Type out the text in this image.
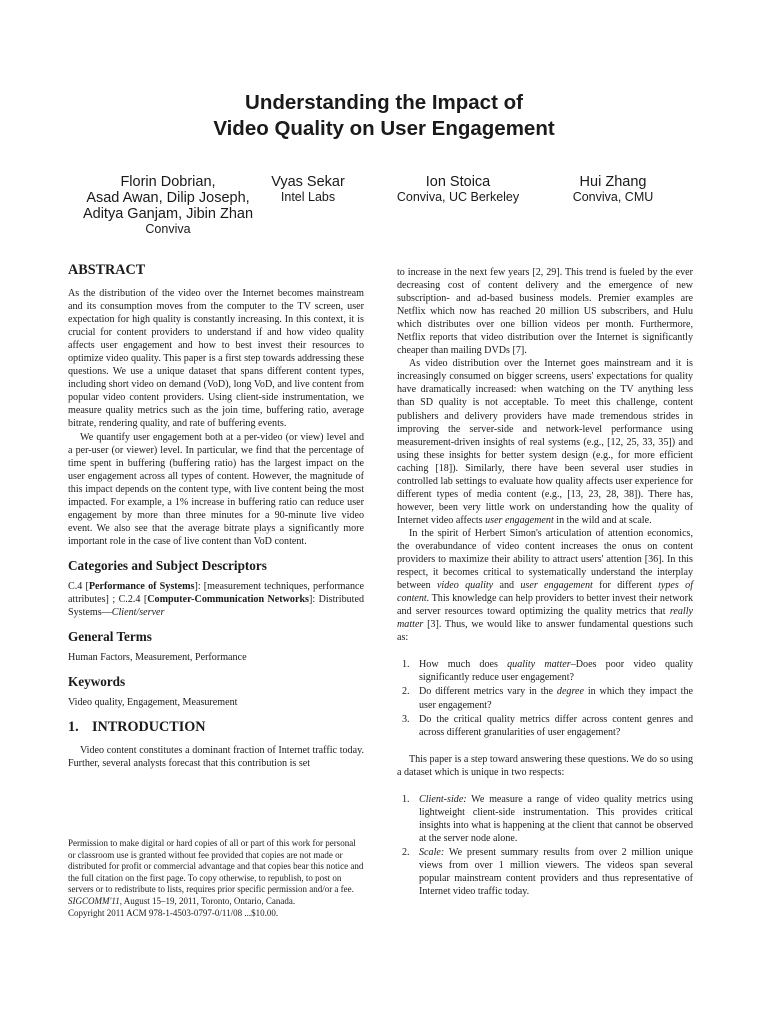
Understanding the Impact of
Video Quality on User Engagement
Florin Dobrian,
Asad Awan, Dilip Joseph,
Aditya Ganjam, Jibin Zhan
Conviva
Vyas Sekar
Intel Labs
Ion Stoica
Conviva, UC Berkeley
Hui Zhang
Conviva, CMU
ABSTRACT

As the distribution of the video over the Internet becomes mainstream and its consumption moves from the computer to the TV screen, user expectation for high quality is constantly increasing. In this context, it is crucial for content providers to understand if and how video quality affects user engagement and how to best invest their resources to optimize video quality. This paper is a first step towards addressing these questions. We use a unique dataset that spans different content types, including short video on demand (VoD), long VoD, and live content from popular video content providers. Using client-side instrumentation, we measure quality metrics such as the join time, buffering ratio, average bitrate, rendering quality, and rate of buffering events.

We quantify user engagement both at a per-video (or view) level and a per-user (or viewer) level. In particular, we find that the percentage of time spent in buffering (buffering ratio) has the largest impact on the user engagement across all types of content. However, the magnitude of this impact depends on the content type, with live content being the most impacted. For example, a 1% increase in buffering ratio can reduce user engagement by more than three minutes for a 90-minute live video event. We also see that the average bitrate plays a significantly more important role in the case of live content than VoD content.

Categories and Subject Descriptors

C.4 [Performance of Systems]: [measurement techniques, performance attributes] ; C.2.4 [Computer-Communication Networks]: Distributed Systems—Client/server

General Terms

Human Factors, Measurement, Performance

Keywords

Video quality, Engagement, Measurement

1. INTRODUCTION

Video content constitutes a dominant fraction of Internet traffic today. Further, several analysts forecast that this contribution is set

Permission to make digital or hard copies of all or part of this work for personal or classroom use is granted without fee provided that copies are not made or distributed for profit or commercial advantage and that copies bear this notice and the full citation on the first page. To copy otherwise, to republish, to post on servers or to redistribute to lists, requires prior specific permission and/or a fee.

SIGCOMM'11, August 15–19, 2011, Toronto, Ontario, Canada.

Copyright 2011 ACM 978-1-4503-0797-0/11/08 ...$10.00.

to increase in the next few years [2, 29]. This trend is fueled by the ever decreasing cost of content delivery and the emergence of new subscription- and ad-based business models. Premier examples are Netflix which now has reached 20 million US subscribers, and Hulu which distributes over one billion videos per month. Furthermore, Netflix reports that video distribution over the Internet is significantly cheaper than mailing DVDs [7].

As video distribution over the Internet goes mainstream and it is increasingly consumed on bigger screens, users' expectations for quality have dramatically increased: when watching on the TV anything less than SD quality is not acceptable. To meet this challenge, content publishers and delivery providers have made tremendous strides in improving the server-side and network-level performance using measurement-driven insights of real systems (e.g., [12, 25, 33, 35]) and using these insights for better system design (e.g., for more efficient caching [18]). Similarly, there have been several user studies in controlled lab settings to evaluate how quality affects user experience for different types of media content (e.g., [13, 23, 28, 38]). There has, however, been very little work on understanding how the quality of Internet video affects user engagement in the wild and at scale.

In the spirit of Herbert Simon's articulation of attention economics, the overabundance of video content increases the onus on content providers to maximize their ability to attract users' attention [36]. In this respect, it becomes critical to systematically understand the interplay between video quality and user engagement for different types of content. This knowledge can help providers to better invest their network and server resources toward optimizing the quality metrics that really matter [3]. Thus, we would like to answer fundamental questions such as:

1. How much does quality matter–Does poor video quality significantly reduce user engagement?
2. Do different metrics vary in the degree in which they impact the user engagement?
3. Do the critical quality metrics differ across content genres and across different granularities of user engagement?

This paper is a step toward answering these questions. We do so using a dataset which is unique in two respects:

1. Client-side: We measure a range of video quality metrics using lightweight client-side instrumentation. This provides critical insights into what is happening at the client that cannot be observed at the server node alone.
2. Scale: We present summary results from over 2 million unique views from over 1 million viewers. The videos span several popular mainstream content providers and thus representative of Internet video traffic today.
